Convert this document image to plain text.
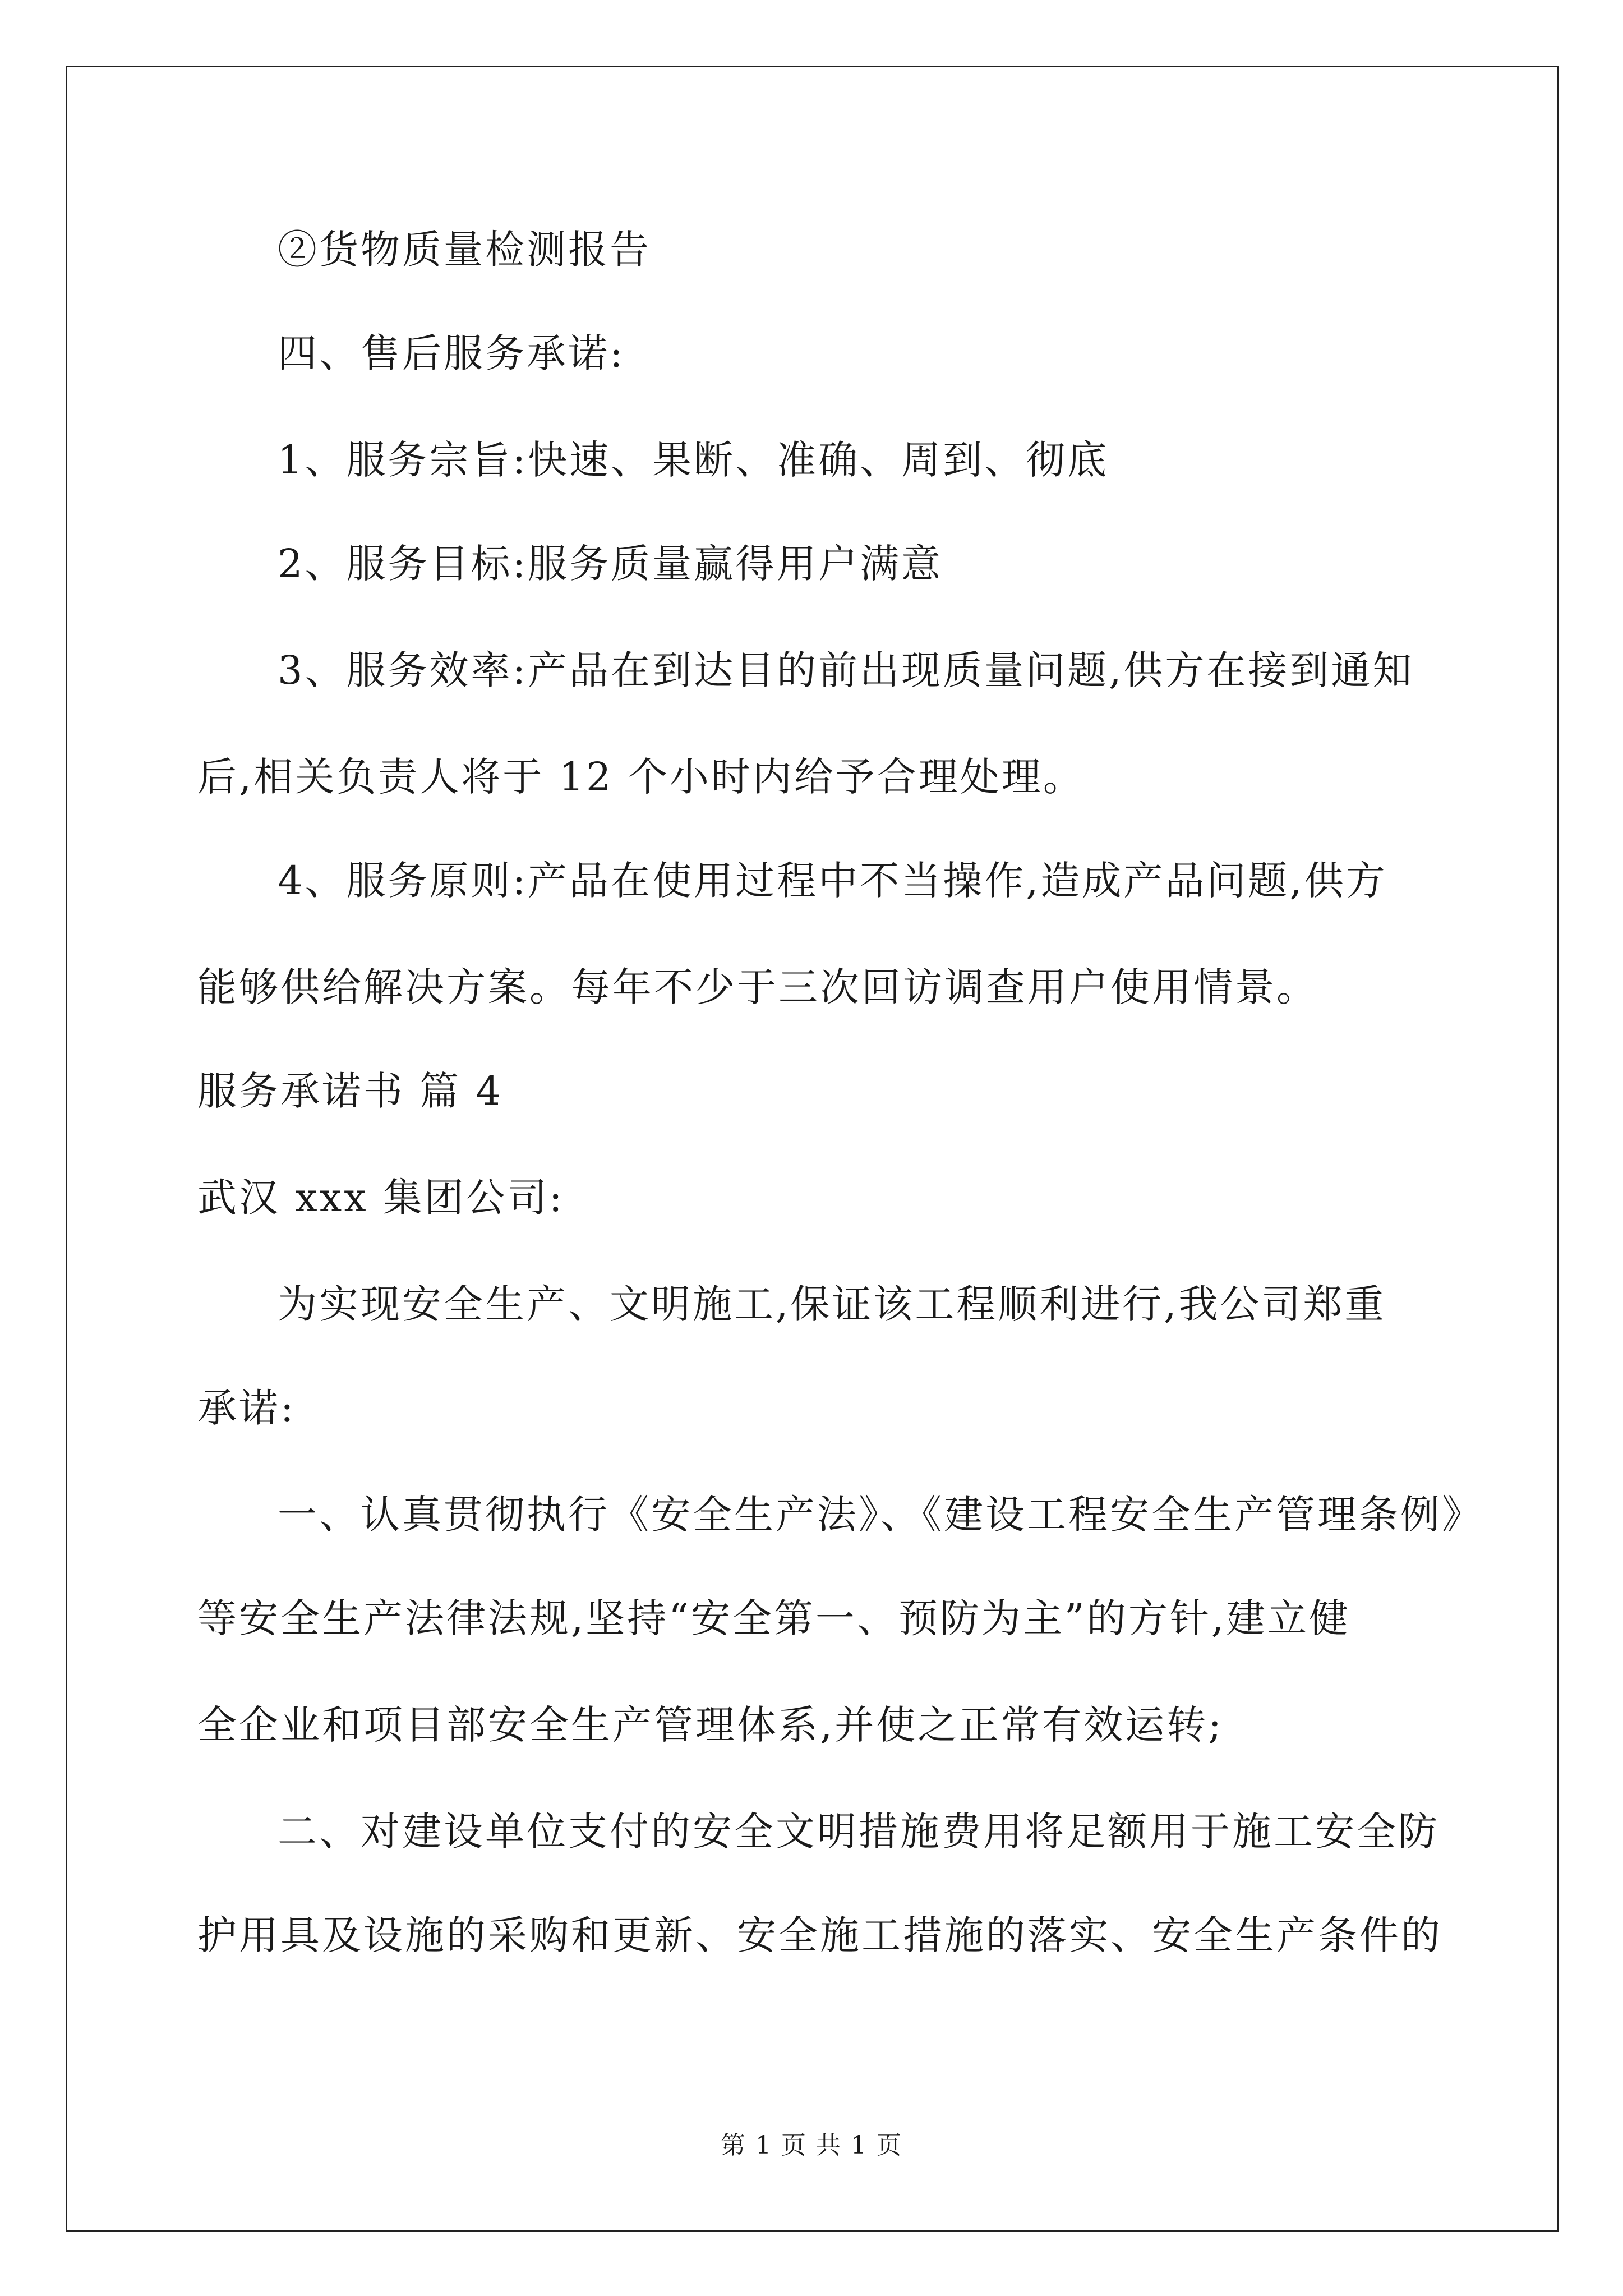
②货物质量检测报告
四、售后服务承诺:
1、服务宗旨:快速、果断、准确、周到、彻底
2、服务目标:服务质量赢得用户满意
3、服务效率:产品在到达目的前出现质量问题,供方在接到通知
后,相关负责人将于 12 个小时内给予合理处理。
4、服务原则:产品在使用过程中不当操作,造成产品问题,供方
能够供给解决方案。每年不少于三次回访调查用户使用情景。
服务承诺书 篇 4
武汉 xxx 集团公司:
为实现安全生产、文明施工,保证该工程顺利进行,我公司郑重
承诺:
一、认真贯彻执行《安全生产法》、《建设工程安全生产管理条例》
等安全生产法律法规,坚持“安全第一、预防为主”的方针,建立健
全企业和项目部安全生产管理体系,并使之正常有效运转;
二、对建设单位支付的安全文明措施费用将足额用于施工安全防
护用具及设施的采购和更新、安全施工措施的落实、安全生产条件的
第 1 页 共 1 页
